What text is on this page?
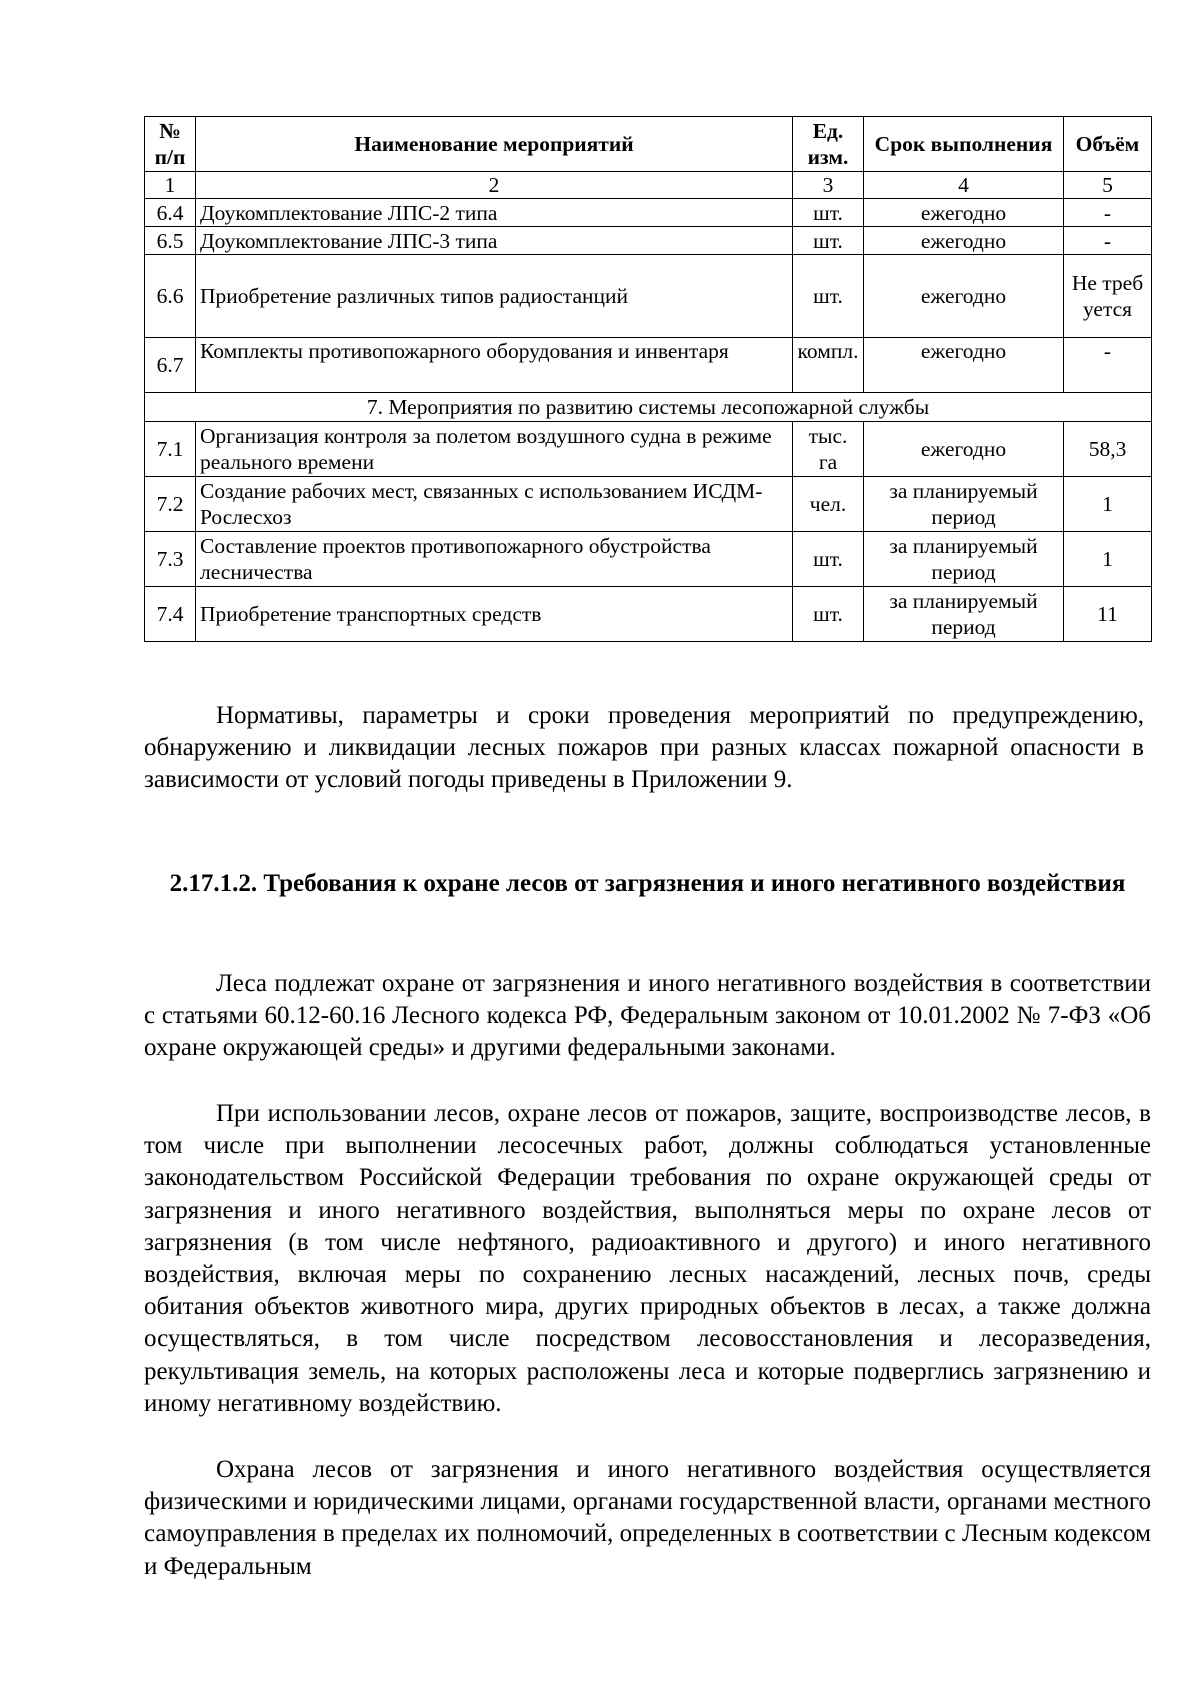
№ п/п	Наименование мероприятий	Ед. изм.	Срок выполнения	Объём
1	2	3	4	5
6.4	Доукомплектование ЛПС-2 типа	шт.	ежегодно	-
6.5	Доукомплектование ЛПС-3 типа	шт.	ежегодно	-
6.6	Приобретение различных типов радиостанций	шт.	ежегодно	Не требуется
6.7	Комплекты противопожарного оборудования и инвентаря	компл.	ежегодно	-
7. Мероприятия по развитию системы лесопожарной службы				
7.1	Организация контроля за полетом воздушного судна в режиме реального времени	тыс. га	ежегодно	58,3
7.2	Создание рабочих мест, связанных с использованием ИСДМ-Рослесхоз	чел.	за планируемый период	1
7.3	Составление проектов противопожарного обустройства лесничества	шт.	за планируемый период	1
7.4	Приобретение транспортных средств	шт.	за планируемый период	11

Нормативы, параметры и сроки проведения мероприятий по предупреждению, обнаружению и ликвидации лесных пожаров при разных классах пожарной опасности в зависимости от условий погоды приведены в Приложении 9.

2.17.1.2. Требования к охране лесов от загрязнения и иного негативного воздействия

Леса подлежат охране от загрязнения и иного негативного воздействия в соответствии с статьями 60.12-60.16 Лесного кодекса РФ, Федеральным законом от 10.01.2002 № 7-ФЗ «Об охране окружающей среды» и другими федеральными законами.

При использовании лесов, охране лесов от пожаров, защите, воспроизводстве лесов, в том числе при выполнении лесосечных работ, должны соблюдаться установленные законодательством Российской Федерации требования по охране окружающей среды от загрязнения и иного негативного воздействия, выполняться меры по охране лесов от загрязнения (в том числе нефтяного, радиоактивного и другого) и иного негативного воздействия, включая меры по сохранению лесных насаждений, лесных почв, среды обитания объектов животного мира, других природных объектов в лесах, а также должна осуществляться, в том числе посредством лесовосстановления и лесоразведения, рекультивация земель, на которых расположены леса и которые подверглись загрязнению и иному негативному воздействию.

Охрана лесов от загрязнения и иного негативного воздействия осуществляется физическими и юридическими лицами, органами государственной власти, органами местного самоуправления в пределах их полномочий, определенных в соответствии с Лесным кодексом и Федеральным
